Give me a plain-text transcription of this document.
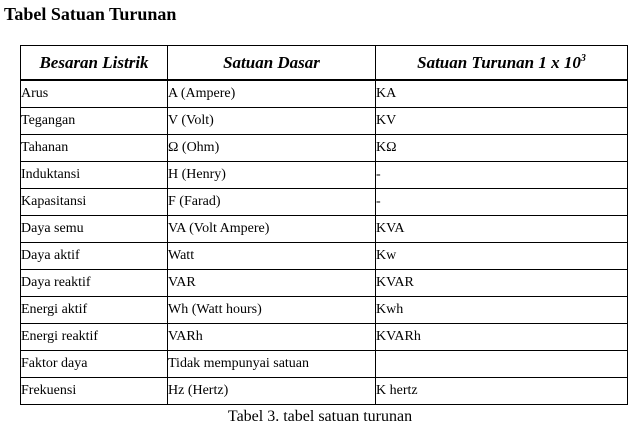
Tabel Satuan Turunan
Besaran Listrik	Satuan Dasar	Satuan Turunan 1 x $10^3$
Arus	A (Ampere)	KA
Tegangan	V (Volt)	KV
Tahanan	Ω (Ohm)	KΩ
Induktansi	H (Henry)	-
Kapasitansi	F (Farad)	-
Daya semu	VA (Volt Ampere)	KVA
Daya aktif	Watt	Kw
Daya reaktif	VAR	KVAR
Energi aktif	Wh (Watt hours)	Kwh
Energi reaktif	VARh	KVARh
Faktor daya	Tidak mempunyai satuan	
Frekuensi	Hz (Hertz)	K hertz
Tabel 3. tabel satuan turunan
